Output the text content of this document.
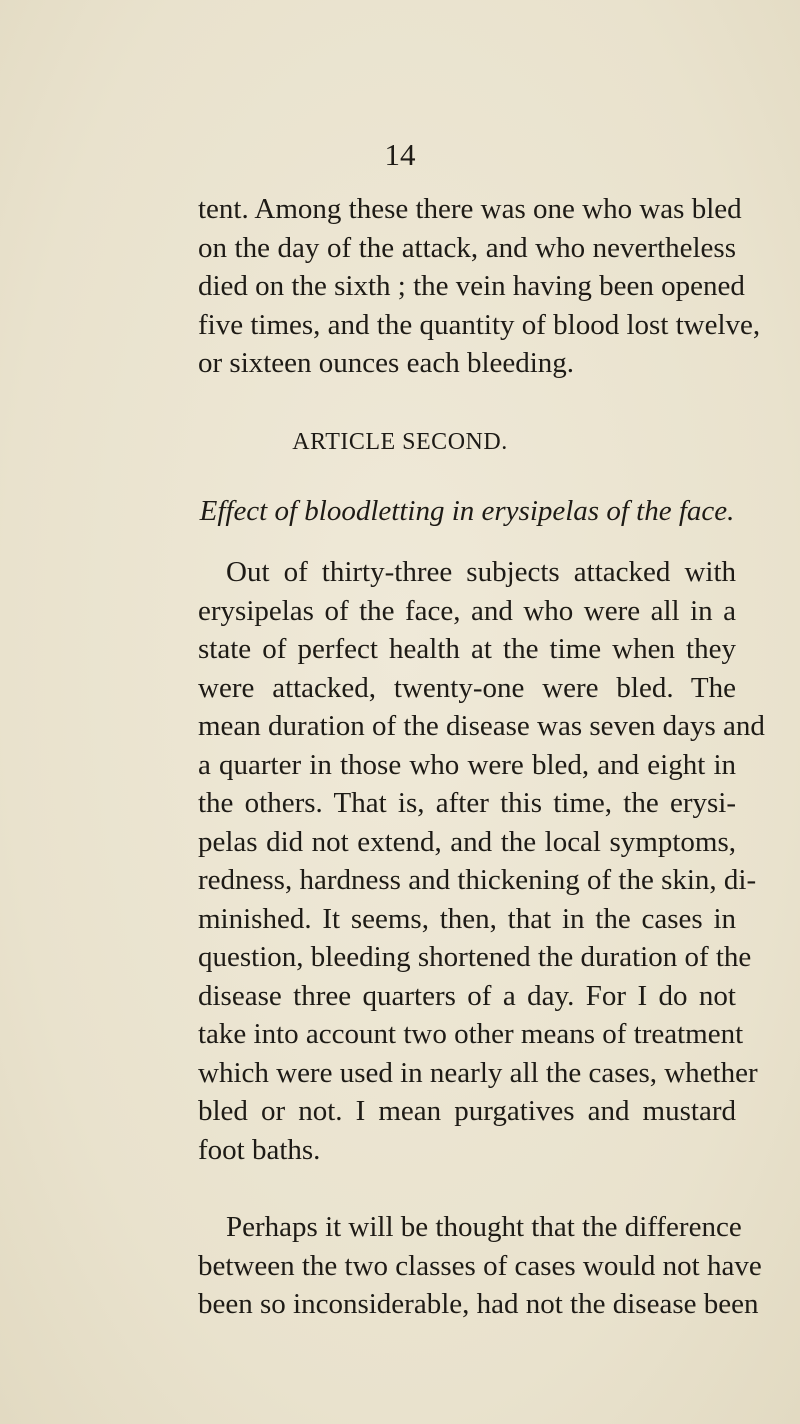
14
tent. Among these there was one who was bled
on the day of the attack, and who nevertheless
died on the sixth ; the vein having been opened
five times, and the quantity of blood lost twelve,
or sixteen ounces each bleeding.
ARTICLE SECOND.
Effect of bloodletting in erysipelas of the face.
Out of thirty-three subjects attacked with
erysipelas of the face, and who were all in a
state of perfect health at the time when they
were attacked, twenty-one were bled. The
mean duration of the disease was seven days and
a quarter in those who were bled, and eight in
the others. That is, after this time, the erysi-
pelas did not extend, and the local symptoms,
redness, hardness and thickening of the skin, di-
minished. It seems, then, that in the cases in
question, bleeding shortened the duration of the
disease three quarters of a day. For I do not
take into account two other means of treatment
which were used in nearly all the cases, whether
bled or not. I mean purgatives and mustard
foot baths.
Perhaps it will be thought that the difference
between the two classes of cases would not have
been so inconsiderable, had not the disease been
